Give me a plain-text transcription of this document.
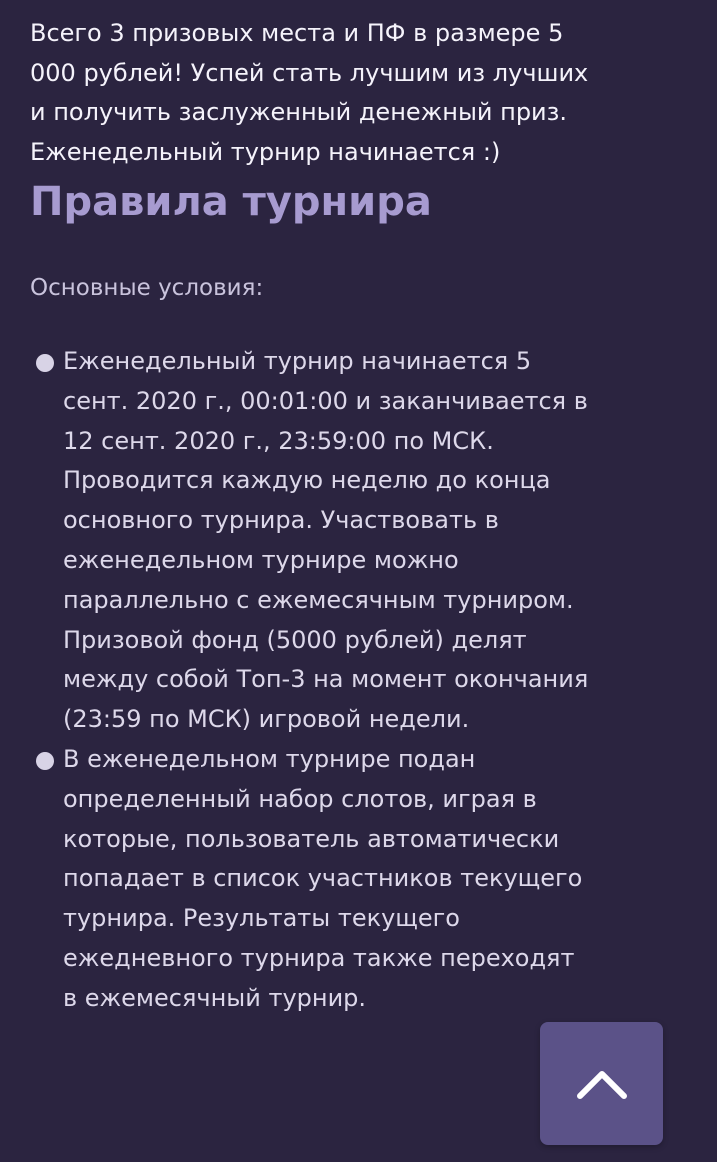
Всего 3 призовых места и ПФ в размере 5 000 рублей! Успей стать лучшим из лучших и получить заслуженный денежный приз. Еженедельный турнир начинается :)

Правила турнира

Основные условия:

Еженедельный турнир начинается 5 сент. 2020 г., 00:01:00 и заканчивается в 12 сент. 2020 г., 23:59:00 по МСК. Проводится каждую неделю до конца основного турнира. Участвовать в еженедельном турнире можно параллельно с ежемесячным турниром. Призовой фонд (5000 рублей) делят между собой Топ-3 на момент окончания (23:59 по МСК) игровой недели.
В еженедельном турнире подан определенный набор слотов, играя в которые, пользователь автоматически попадает в список участников текущего турнира. Результаты текущего ежедневного турнира также переходят в ежемесячный турнир.
